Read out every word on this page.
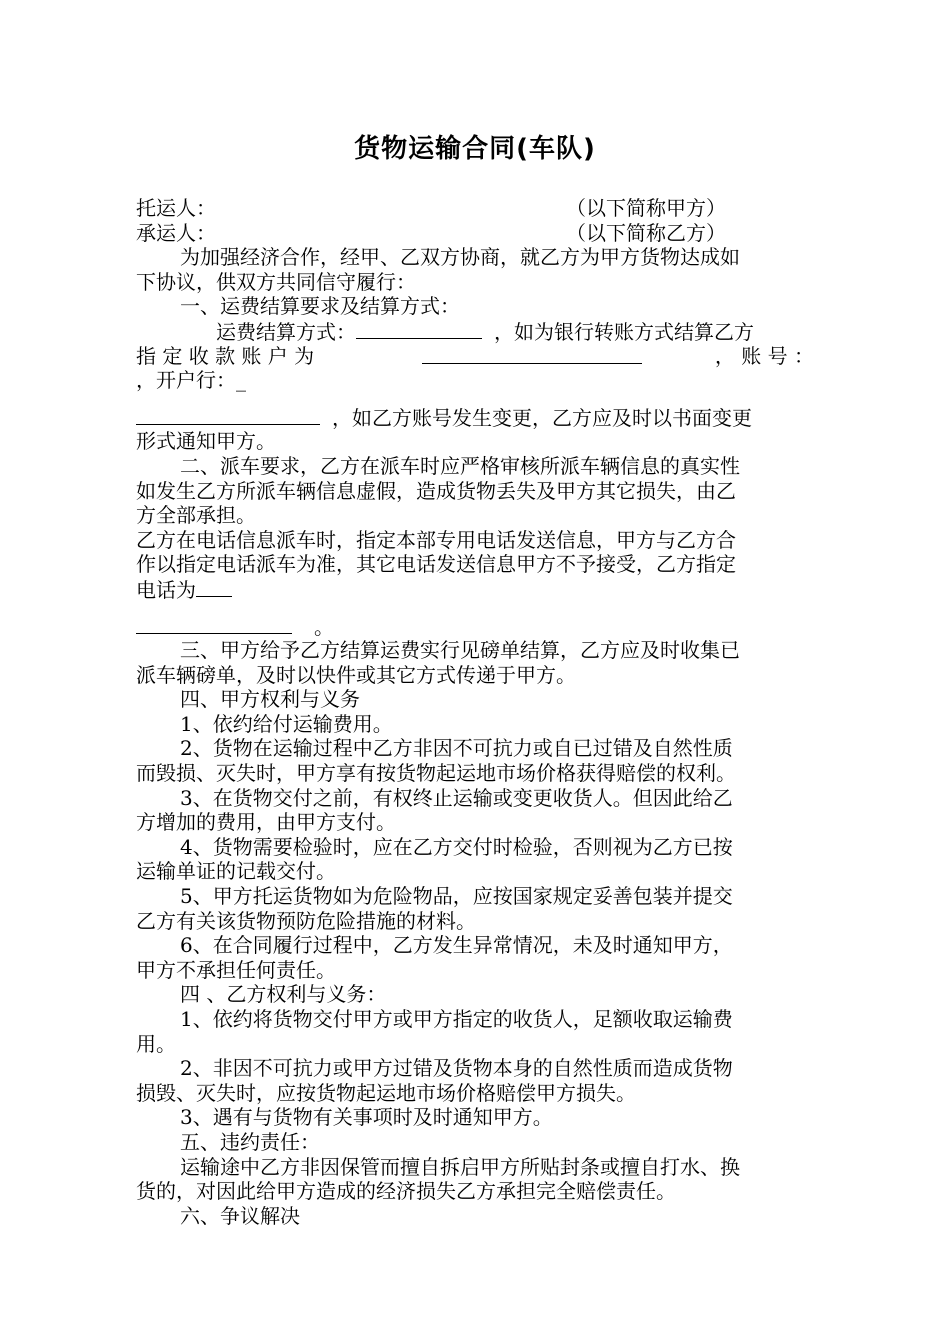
货物运输合同(车队)
托运人：	（以下简称甲方）
承运人：	（以下简称乙方）
为加强经济合作，经甲、乙双方协商，就乙方为甲方货物达成如
下协议，供双方共同信守履行：
一、运费结算要求及结算方式：
运费结算方式：	，如为银行转账方式结算乙方
指 定 收 款 账 户 为	， 账 号 ：
，开户行：_
，如乙方账号发生变更，乙方应及时以书面变更
形式通知甲方。
二、派车要求，乙方在派车时应严格审核所派车辆信息的真实性
如发生乙方所派车辆信息虚假，造成货物丢失及甲方其它损失，由乙
方全部承担。
乙方在电话信息派车时，指定本部专用电话发送信息，甲方与乙方合
作以指定电话派车为准，其它电话发送信息甲方不予接受，乙方指定
电话为
。
三、甲方给予乙方结算运费实行见磅单结算，乙方应及时收集已
派车辆磅单，及时以快件或其它方式传递于甲方。
四、甲方权利与义务
1、依约给付运输费用。
2、货物在运输过程中乙方非因不可抗力或自已过错及自然性质
而毁损、灭失时，甲方享有按货物起运地市场价格获得赔偿的权利。
3、在货物交付之前，有权终止运输或变更收货人。但因此给乙
方增加的费用，由甲方支付。
4、货物需要检验时，应在乙方交付时检验，否则视为乙方已按
运输单证的记载交付。
5、甲方托运货物如为危险物品，应按国家规定妥善包装并提交
乙方有关该货物预防危险措施的材料。
6、在合同履行过程中，乙方发生异常情况，未及时通知甲方，
甲方不承担任何责任。
四 、乙方权利与义务：
1、依约将货物交付甲方或甲方指定的收货人，足额收取运输费
用。
2、非因不可抗力或甲方过错及货物本身的自然性质而造成货物
损毁、灭失时，应按货物起运地市场价格赔偿甲方损失。
3、遇有与货物有关事项时及时通知甲方。
五、违约责任：
运输途中乙方非因保管而擅自拆启甲方所贴封条或擅自打水、换
货的，对因此给甲方造成的经济损失乙方承担完全赔偿责任。
六、争议解决
